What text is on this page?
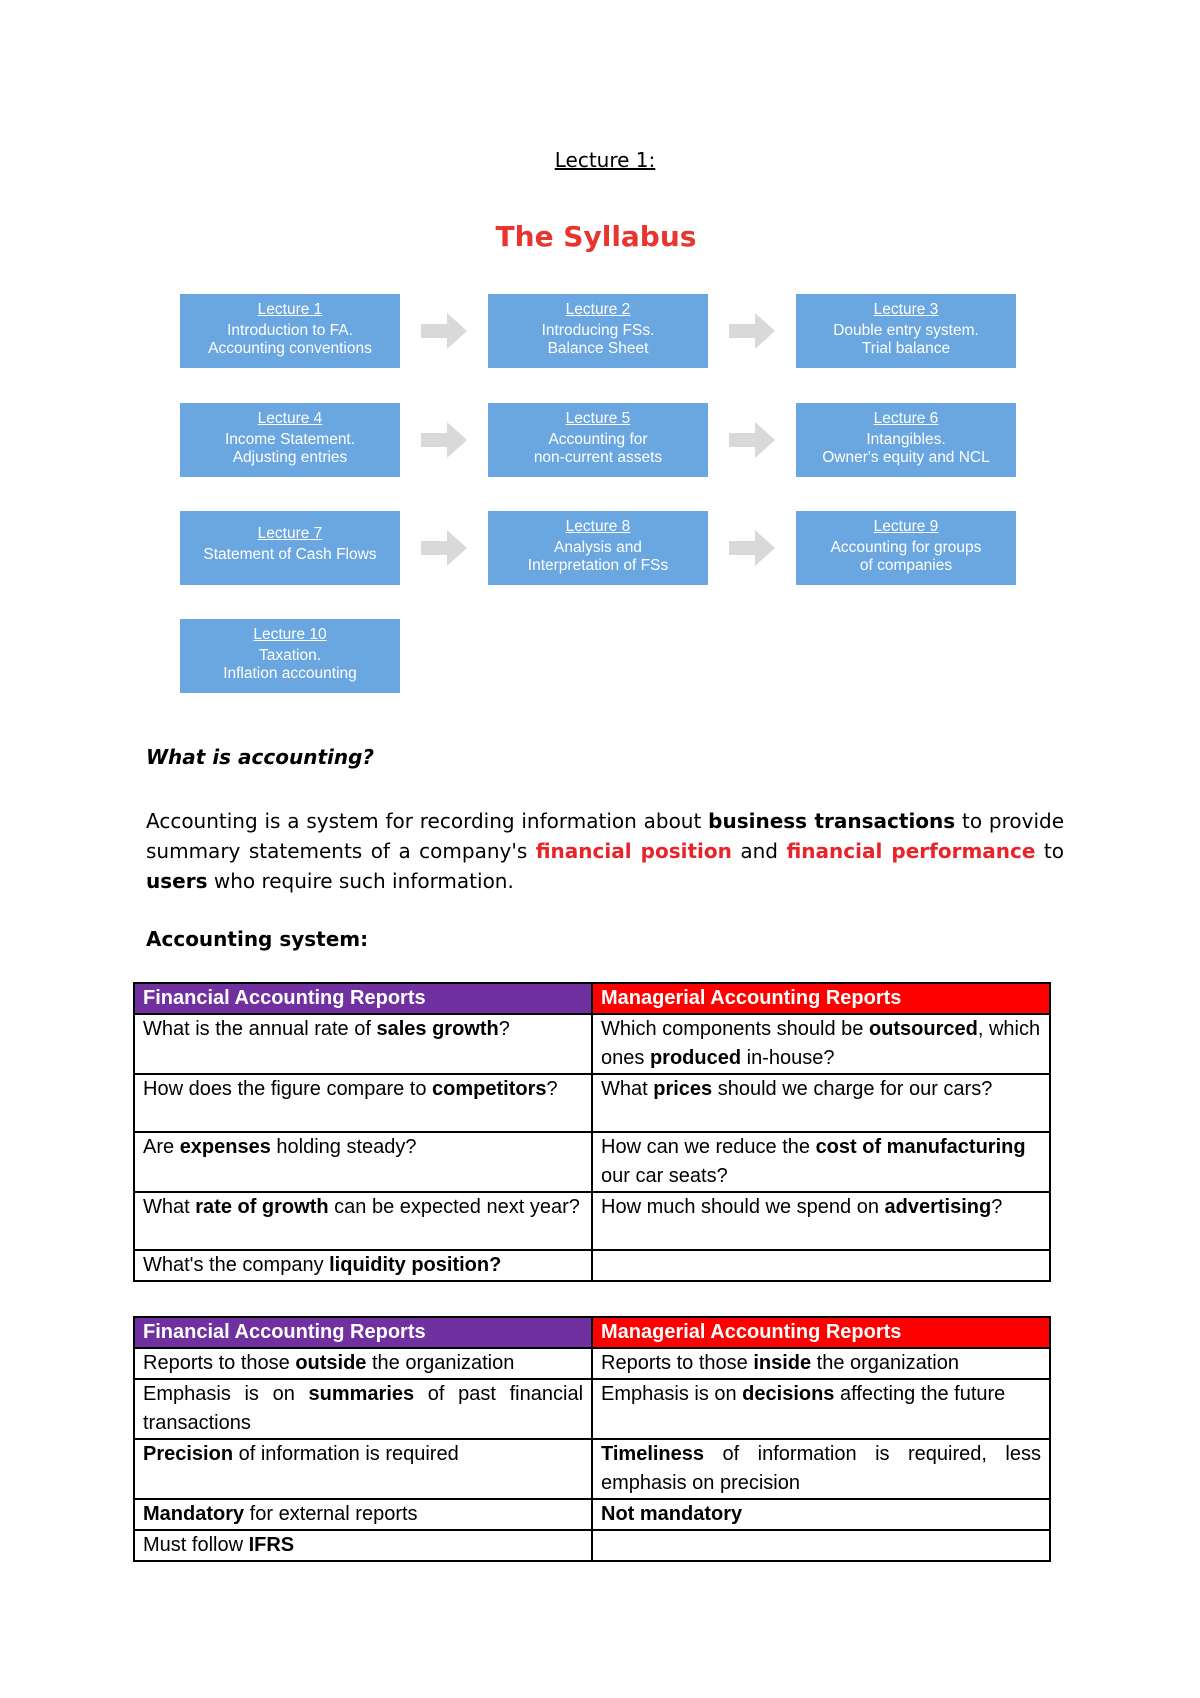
Lecture 1:
The Syllabus
Lecture 1
Introduction to FA.
Accounting conventions
Lecture 2
Introducing FSs.
Balance Sheet
Lecture 3
Double entry system.
Trial balance
Lecture 4
Income Statement.
Adjusting entries
Lecture 5
Accounting for
non-current assets
Lecture 6
Intangibles.
Owner's equity and NCL
Lecture 7
Statement of Cash Flows
Lecture 8
Analysis and
Interpretation of FSs
Lecture 9
Accounting for groups
of companies
Lecture 10
Taxation.
Inflation accounting
What is accounting?
Accounting is a system for recording information about business transactions to provide summary statements of a company's financial position and financial performance to users who require such information.
Accounting system:
Financial Accounting Reports	Managerial Accounting Reports
What is the annual rate of sales growth?	Which components should be outsourced, which ones produced in-house?
How does the figure compare to competitors?	What prices should we charge for our cars?
Are expenses holding steady?	How can we reduce the cost of manufacturing our car seats?
What rate of growth can be expected next year?	How much should we spend on advertising?
What's the company liquidity position?	
Financial Accounting Reports	Managerial Accounting Reports
Reports to those outside the organization	Reports to those inside the organization
Emphasis is on summaries of past financial transactions	Emphasis is on decisions affecting the future
Precision of information is required	Timeliness of information is required, less emphasis on precision
Mandatory for external reports	Not mandatory
Must follow IFRS	
